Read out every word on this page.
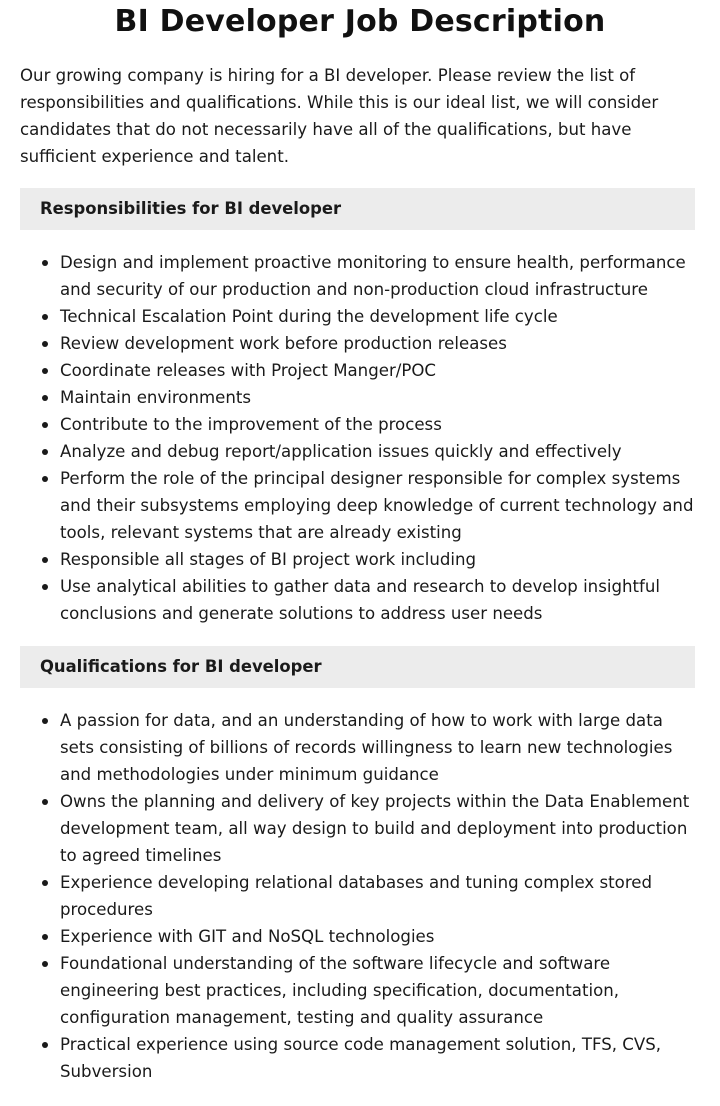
BI Developer Job Description

Our growing company is hiring for a BI developer. Please review the list of responsibilities and qualifications. While this is our ideal list, we will consider candidates that do not necessarily have all of the qualifications, but have sufficient experience and talent.

Responsibilities for BI developer
Design and implement proactive monitoring to ensure health, performance and security of our production and non-production cloud infrastructure
Technical Escalation Point during the development life cycle
Review development work before production releases
Coordinate releases with Project Manger/POC
Maintain environments
Contribute to the improvement of the process
Analyze and debug report/application issues quickly and effectively
Perform the role of the principal designer responsible for complex systems and their subsystems employing deep knowledge of current technology and tools, relevant systems that are already existing
Responsible all stages of BI project work including
Use analytical abilities to gather data and research to develop insightful conclusions and generate solutions to address user needs
Qualifications for BI developer
A passion for data, and an understanding of how to work with large data sets consisting of billions of records willingness to learn new technologies and methodologies under minimum guidance
Owns the planning and delivery of key projects within the Data Enablement development team, all way design to build and deployment into production to agreed timelines
Experience developing relational databases and tuning complex stored procedures
Experience with GIT and NoSQL technologies
Foundational understanding of the software lifecycle and software engineering best practices, including specification, documentation, configuration management, testing and quality assurance
Practical experience using source code management solution, TFS, CVS, Subversion
